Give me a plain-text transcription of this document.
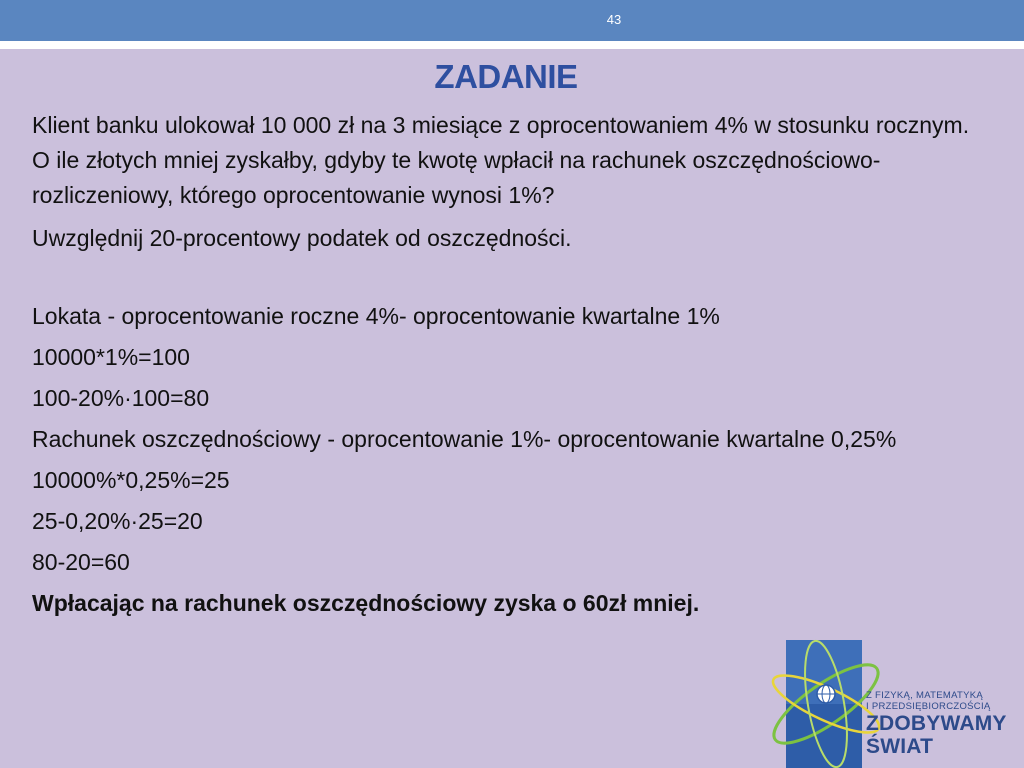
43
ZADANIE

Klient banku ulokował 10 000 zł na 3 miesiące z oprocentowaniem 4% w stosunku rocznym. O ile złotych mniej zyskałby, gdyby te kwotę wpłacił na rachunek oszczędnościowo-rozliczeniowy, którego oprocentowanie wynosi 1%?

Uwzględnij 20-procentowy podatek od oszczędności.

Lokata - oprocentowanie roczne 4%- oprocentowanie kwartalne 1%

10000*1%=100

100-20%·100=80

Rachunek oszczędnościowy - oprocentowanie 1%- oprocentowanie kwartalne 0,25%

10000%*0,25%=25

25-0,20%·25=20

80-20=60

Wpłacając na rachunek oszczędnościowy zyska o 60zł mniej.

Z FIZYKĄ, MATEMATYKĄ
I PRZEDSIĘBIORCZOŚCIĄ
ZDOBYWAMY
ŚWIAT
